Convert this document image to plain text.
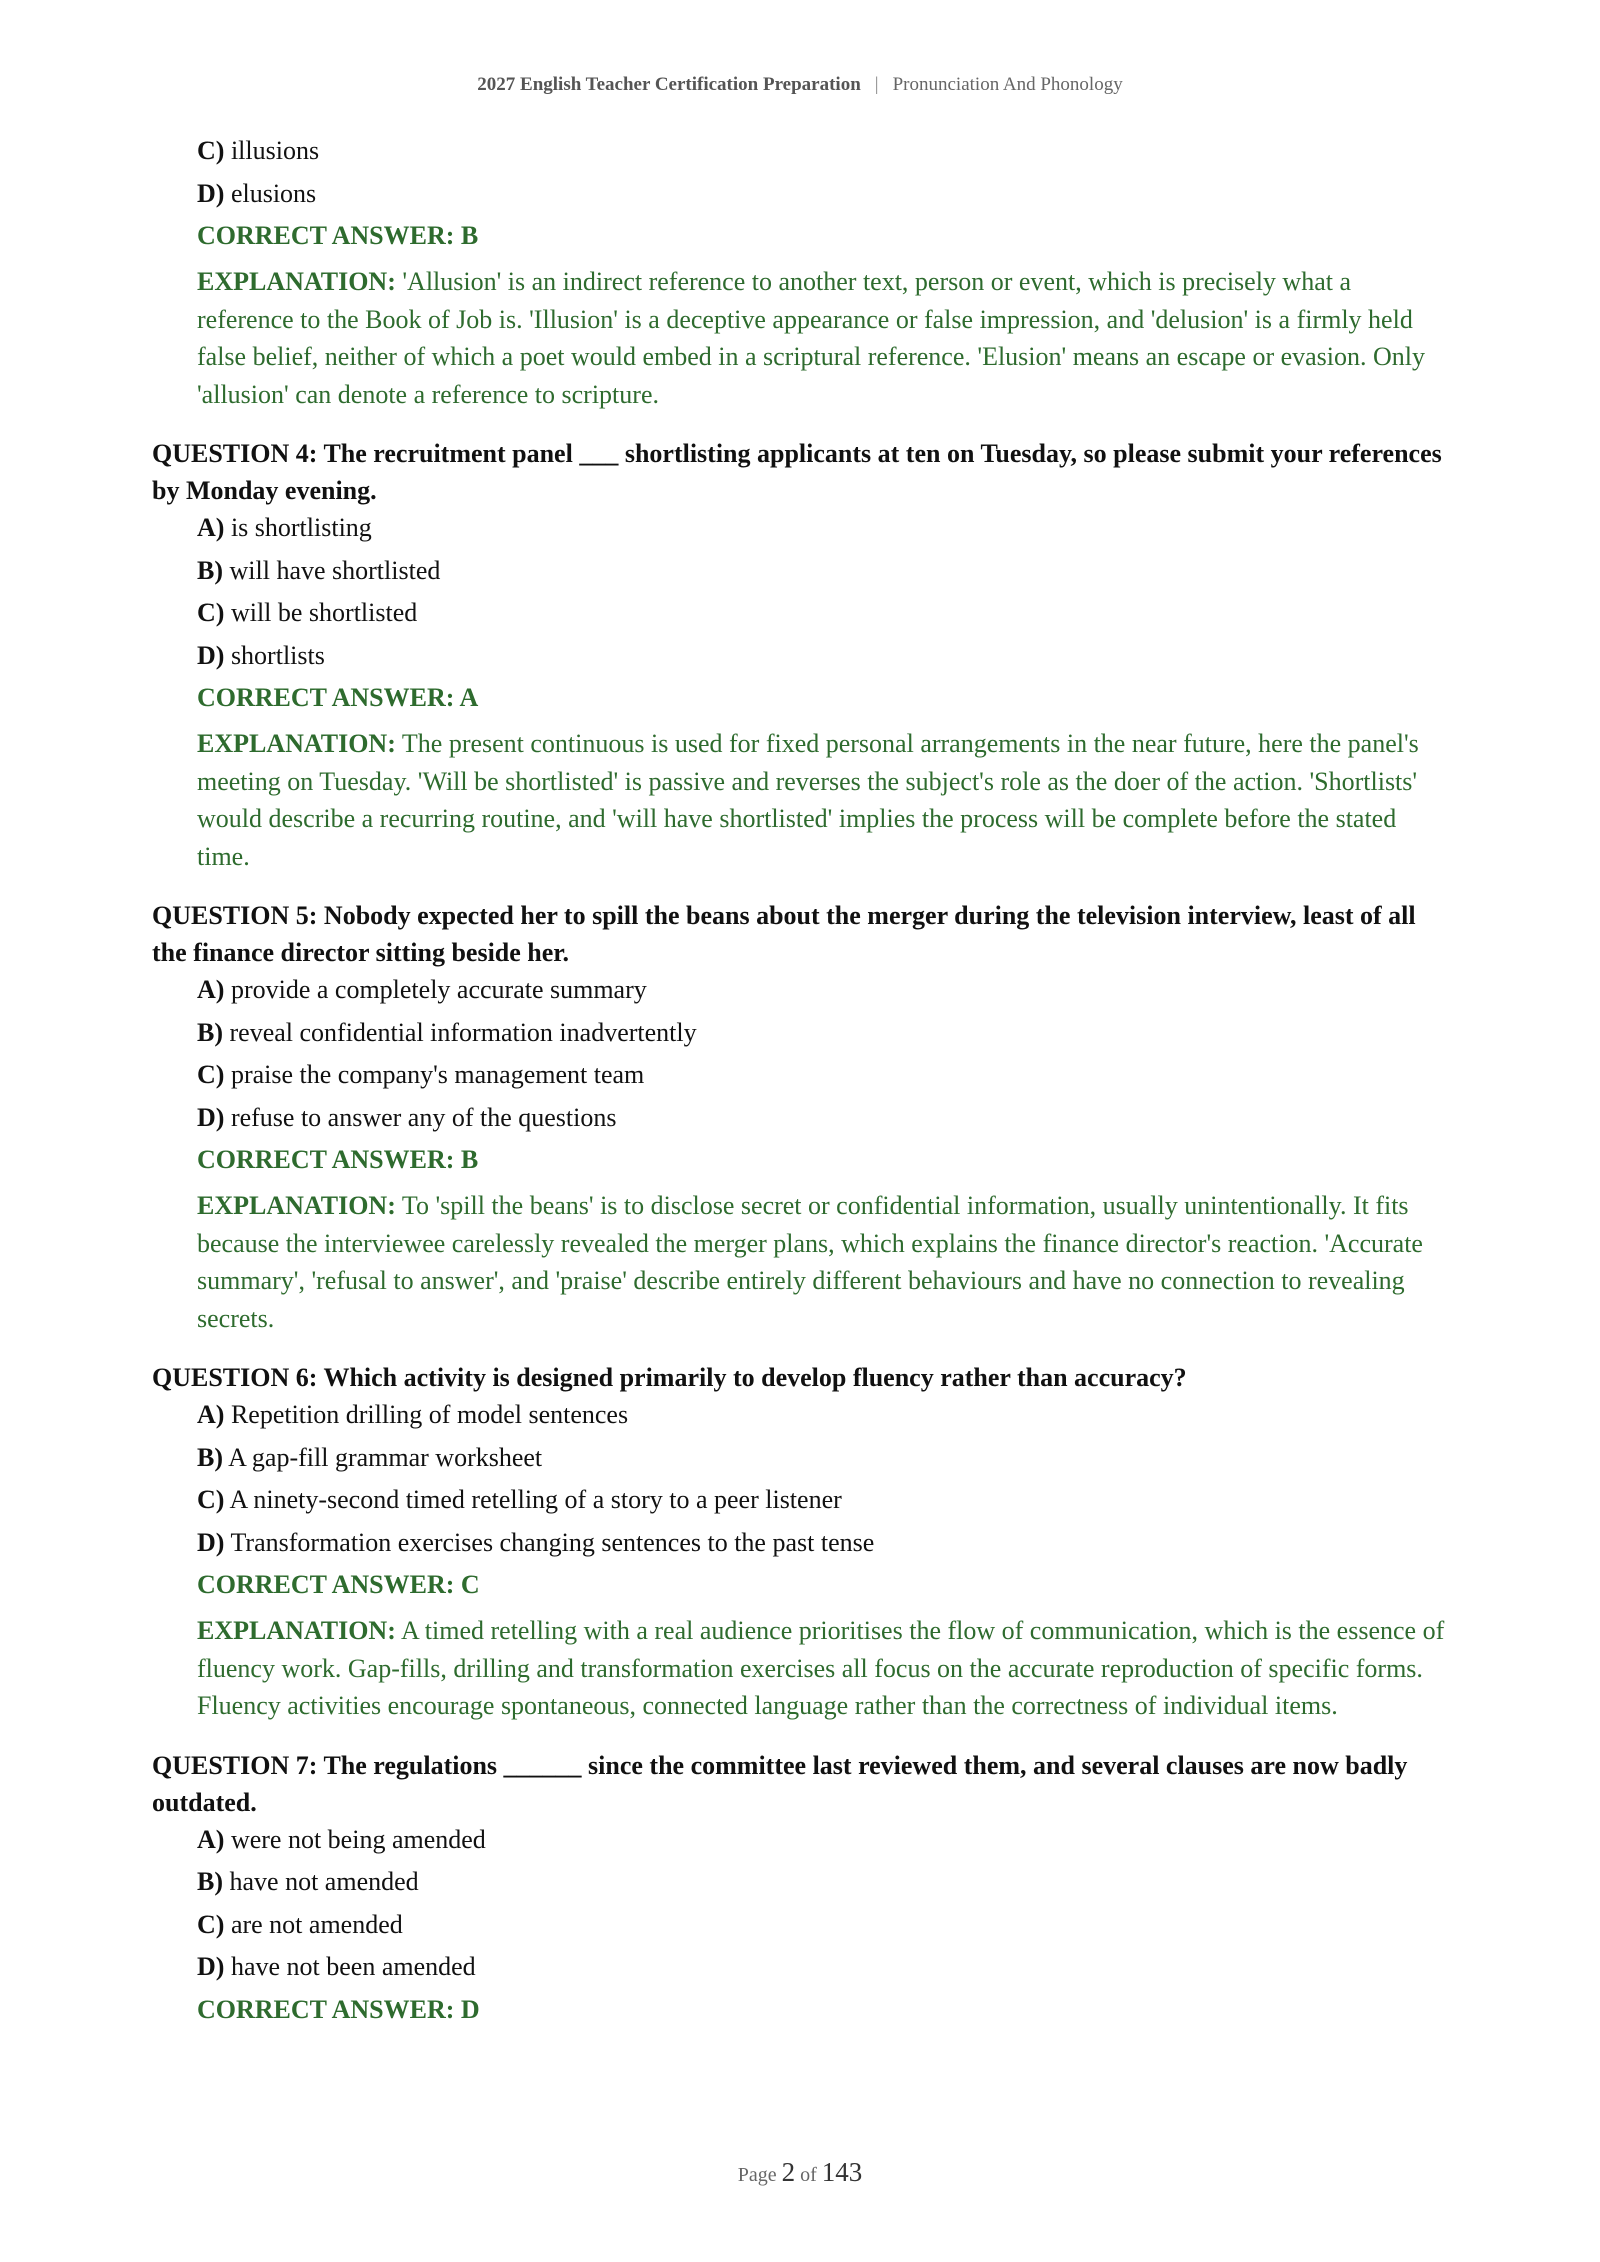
2027 English Teacher Certification Preparation | Pronunciation And Phonology
C) illusions
D) elusions
CORRECT ANSWER: B
EXPLANATION: 'Allusion' is an indirect reference to another text, person or event, which is precisely what a reference to the Book of Job is. 'Illusion' is a deceptive appearance or false impression, and 'delusion' is a firmly held false belief, neither of which a poet would embed in a scriptural reference. 'Elusion' means an escape or evasion. Only 'allusion' can denote a reference to scripture.
QUESTION 4: The recruitment panel ___ shortlisting applicants at ten on Tuesday, so please submit your references by Monday evening.
A) is shortlisting
B) will have shortlisted
C) will be shortlisted
D) shortlists
CORRECT ANSWER: A
EXPLANATION: The present continuous is used for fixed personal arrangements in the near future, here the panel's meeting on Tuesday. 'Will be shortlisted' is passive and reverses the subject's role as the doer of the action. 'Shortlists' would describe a recurring routine, and 'will have shortlisted' implies the process will be complete before the stated time.
QUESTION 5: Nobody expected her to spill the beans about the merger during the television interview, least of all the finance director sitting beside her.
A) provide a completely accurate summary
B) reveal confidential information inadvertently
C) praise the company's management team
D) refuse to answer any of the questions
CORRECT ANSWER: B
EXPLANATION: To 'spill the beans' is to disclose secret or confidential information, usually unintentionally. It fits because the interviewee carelessly revealed the merger plans, which explains the finance director's reaction. 'Accurate summary', 'refusal to answer', and 'praise' describe entirely different behaviours and have no connection to revealing secrets.
QUESTION 6: Which activity is designed primarily to develop fluency rather than accuracy?
A) Repetition drilling of model sentences
B) A gap-fill grammar worksheet
C) A ninety-second timed retelling of a story to a peer listener
D) Transformation exercises changing sentences to the past tense
CORRECT ANSWER: C
EXPLANATION: A timed retelling with a real audience prioritises the flow of communication, which is the essence of fluency work. Gap-fills, drilling and transformation exercises all focus on the accurate reproduction of specific forms. Fluency activities encourage spontaneous, connected language rather than the correctness of individual items.
QUESTION 7: The regulations ______ since the committee last reviewed them, and several clauses are now badly outdated.
A) were not being amended
B) have not amended
C) are not amended
D) have not been amended
CORRECT ANSWER: D
Page 2 of 143
